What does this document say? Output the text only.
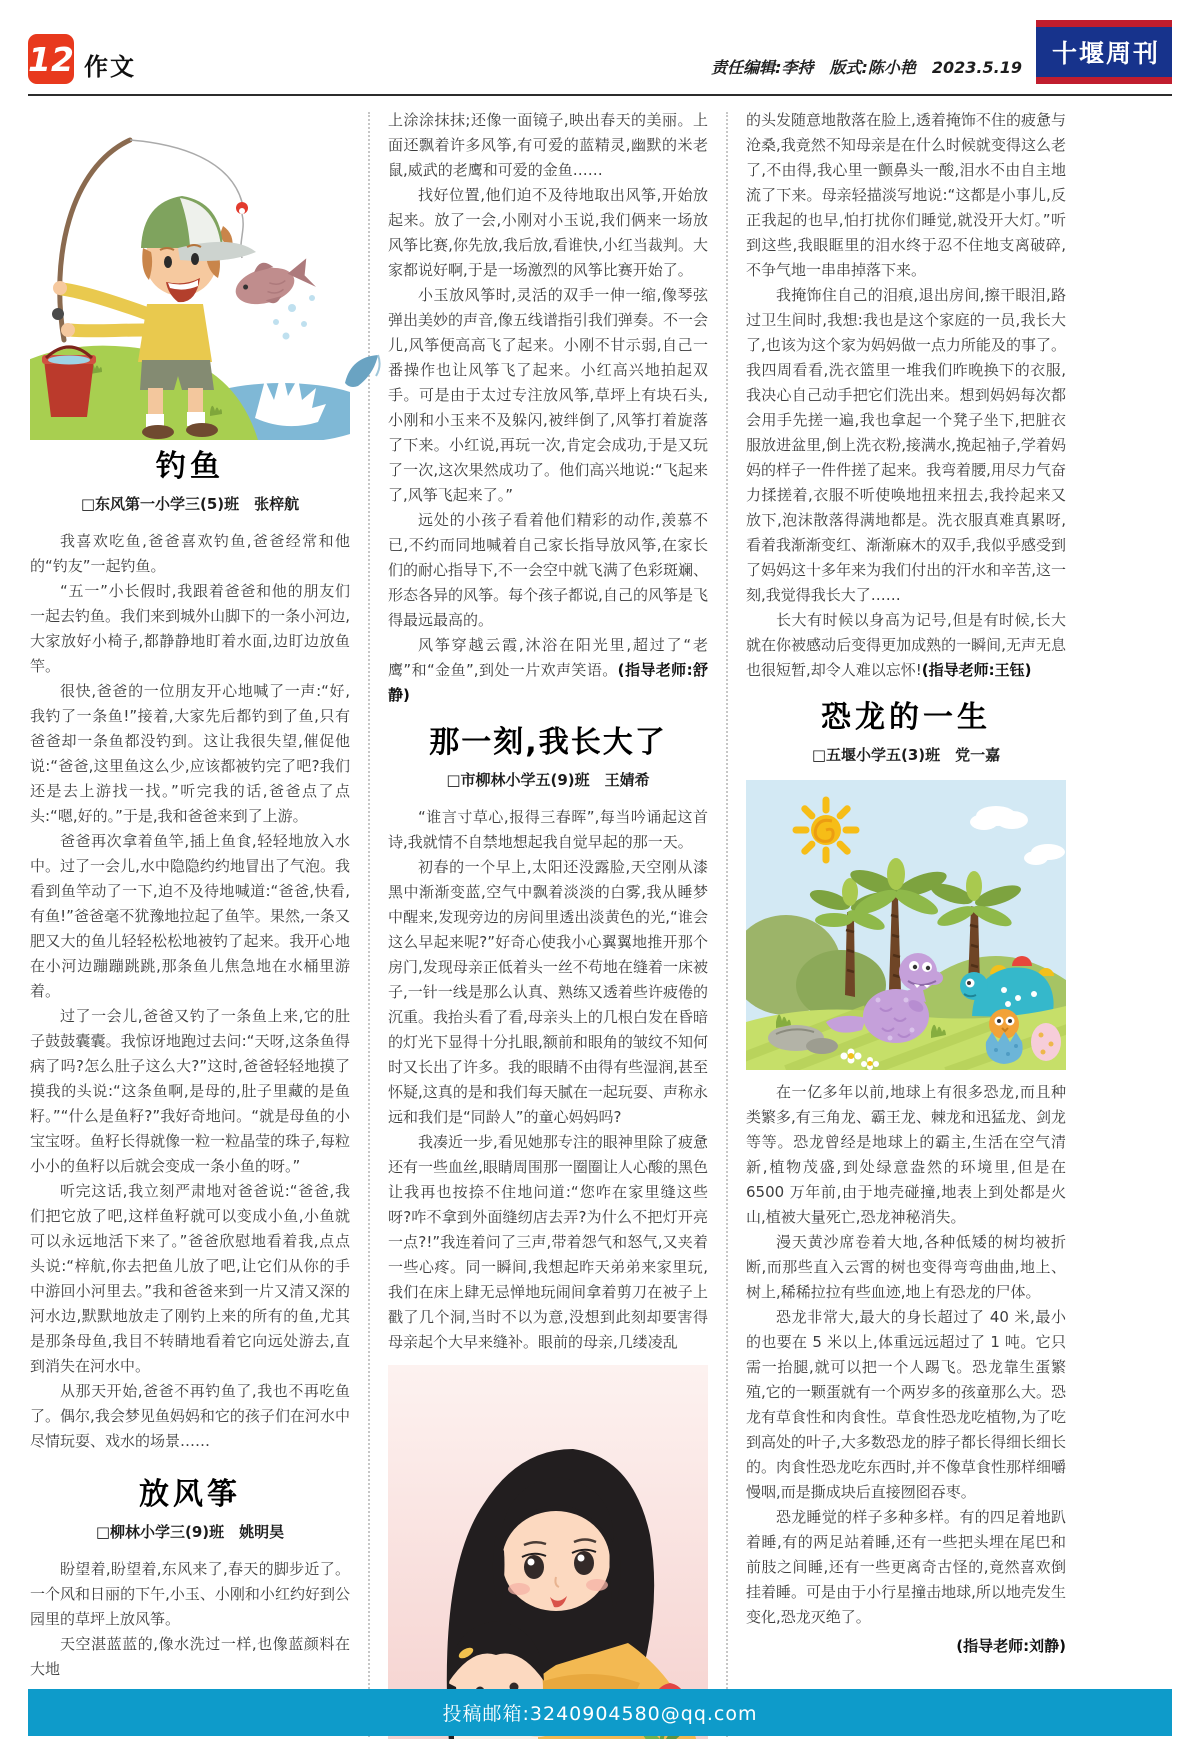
12 作文	责任编辑:李持　版式:陈小艳　2023.5.19	十堰周刊
钓鱼
□东风第一小学三(5)班　张梓航

我喜欢吃鱼,爸爸喜欢钓鱼,爸爸经常和他的“钓友”一起钓鱼。

“五一”小长假时,我跟着爸爸和他的朋友们一起去钓鱼。我们来到城外山脚下的一条小河边,大家放好小椅子,都静静地盯着水面,边盯边放鱼竿。

很快,爸爸的一位朋友开心地喊了一声:“好,我钓了一条鱼!”接着,大家先后都钓到了鱼,只有爸爸却一条鱼都没钓到。这让我很失望,催促他说:“爸爸,这里鱼这么少,应该都被钓完了吧?我们还是去上游找一找。”听完我的话,爸爸点了点头:“嗯,好的。”于是,我和爸爸来到了上游。

爸爸再次拿着鱼竿,插上鱼食,轻轻地放入水中。过了一会儿,水中隐隐约约地冒出了气泡。我看到鱼竿动了一下,迫不及待地喊道:“爸爸,快看,有鱼!”爸爸毫不犹豫地拉起了鱼竿。果然,一条又肥又大的鱼儿轻轻松松地被钓了起来。我开心地在小河边蹦蹦跳跳,那条鱼儿焦急地在水桶里游着。

过了一会儿,爸爸又钓了一条鱼上来,它的肚子鼓鼓囊囊。我惊讶地跑过去问:“天呀,这条鱼得病了吗?怎么肚子这么大?”这时,爸爸轻轻地摸了摸我的头说:“这条鱼啊,是母的,肚子里藏的是鱼籽。”“什么是鱼籽?”我好奇地问。“就是母鱼的小宝宝呀。鱼籽长得就像一粒一粒晶莹的珠子,每粒小小的鱼籽以后就会变成一条小鱼的呀。”

听完这话,我立刻严肃地对爸爸说:“爸爸,我们把它放了吧,这样鱼籽就可以变成小鱼,小鱼就可以永远地活下来了。”爸爸欣慰地看着我,点点头说:“梓航,你去把鱼儿放了吧,让它们从你的手中游回小河里去。”我和爸爸来到一片又清又深的河水边,默默地放走了刚钓上来的所有的鱼,尤其是那条母鱼,我目不转睛地看着它向远处游去,直到消失在河水中。

从那天开始,爸爸不再钓鱼了,我也不再吃鱼了。偶尔,我会梦见鱼妈妈和它的孩子们在河水中尽情玩耍、戏水的场景……

放风筝
□柳林小学三(9)班　姚明昊

盼望着,盼望着,东风来了,春天的脚步近了。一个风和日丽的下午,小玉、小刚和小红约好到公园里的草坪上放风筝。

天空湛蓝蓝的,像水洗过一样,也像蓝颜料在大地

上涂涂抹抹;还像一面镜子,映出春天的美丽。上面还飘着许多风筝,有可爱的蓝精灵,幽默的米老鼠,威武的老鹰和可爱的金鱼……

找好位置,他们迫不及待地取出风筝,开始放起来。放了一会,小刚对小玉说,我们俩来一场放风筝比赛,你先放,我后放,看谁快,小红当裁判。大家都说好啊,于是一场激烈的风筝比赛开始了。

小玉放风筝时,灵活的双手一伸一缩,像琴弦弹出美妙的声音,像五线谱指引我们弹奏。不一会儿,风筝便高高飞了起来。小刚不甘示弱,自己一番操作也让风筝飞了起来。小红高兴地拍起双手。可是由于太过专注放风筝,草坪上有块石头,小刚和小玉来不及躲闪,被绊倒了,风筝打着旋落了下来。小红说,再玩一次,肯定会成功,于是又玩了一次,这次果然成功了。他们高兴地说:“飞起来了,风筝飞起来了。”

远处的小孩子看着他们精彩的动作,羡慕不已,不约而同地喊着自己家长指导放风筝,在家长们的耐心指导下,不一会空中就飞满了色彩斑斓、形态各异的风筝。每个孩子都说,自己的风筝是飞得最远最高的。

风筝穿越云霞,沐浴在阳光里,超过了“老鹰”和“金鱼”,到处一片欢声笑语。(指导老师:舒静)

那一刻,我长大了
□市柳林小学五(9)班　王婧希

“谁言寸草心,报得三春晖”,每当吟诵起这首诗,我就情不自禁地想起我自觉早起的那一天。

初春的一个早上,太阳还没露脸,天空刚从漆黑中渐渐变蓝,空气中飘着淡淡的白雾,我从睡梦中醒来,发现旁边的房间里透出淡黄色的光,“谁会这么早起来呢?”好奇心使我小心翼翼地推开那个房门,发现母亲正低着头一丝不苟地在缝着一床被子,一针一线是那么认真、熟练又透着些许疲倦的沉重。我抬头看了看,母亲头上的几根白发在昏暗的灯光下显得十分扎眼,额前和眼角的皱纹不知何时又长出了许多。我的眼睛不由得有些湿润,甚至怀疑,这真的是和我们每天腻在一起玩耍、声称永远和我们是“同龄人”的童心妈妈吗?

我凑近一步,看见她那专注的眼神里除了疲惫还有一些血丝,眼睛周围那一圈圈让人心酸的黑色让我再也按捺不住地问道:“您咋在家里缝这些呀?咋不拿到外面缝纫店去弄?为什么不把灯开亮一点?!”我连着问了三声,带着怨气和怒气,又夹着一些心疼。同一瞬间,我想起昨天弟弟来家里玩,我们在床上肆无忌惮地玩闹间拿着剪刀在被子上戳了几个洞,当时不以为意,没想到此刻却要害得母亲起个大早来缝补。眼前的母亲,几缕凌乱

的头发随意地散落在脸上,透着掩饰不住的疲惫与沧桑,我竟然不知母亲是在什么时候就变得这么老了,不由得,我心里一颤鼻头一酸,泪水不由自主地流了下来。母亲轻描淡写地说:“这都是小事儿,反正我起的也早,怕打扰你们睡觉,就没开大灯。”听到这些,我眼眶里的泪水终于忍不住地支离破碎,不争气地一串串掉落下来。

我掩饰住自己的泪痕,退出房间,擦干眼泪,路过卫生间时,我想:我也是这个家庭的一员,我长大了,也该为这个家为妈妈做一点力所能及的事了。我四周看看,洗衣篮里一堆我们昨晚换下的衣服,我决心自己动手把它们洗出来。想到妈妈每次都会用手先搓一遍,我也拿起一个凳子坐下,把脏衣服放进盆里,倒上洗衣粉,接满水,挽起袖子,学着妈妈的样子一件件搓了起来。我弯着腰,用尽力气奋力揉搓着,衣服不听使唤地扭来扭去,我拎起来又放下,泡沫散落得满地都是。洗衣服真难真累呀,看着我渐渐变红、渐渐麻木的双手,我似乎感受到了妈妈这十多年来为我们付出的汗水和辛苦,这一刻,我觉得我长大了……

长大有时候以身高为记号,但是有时候,长大就在你被感动后变得更加成熟的一瞬间,无声无息也很短暂,却令人难以忘怀!(指导老师:王钰)

恐龙的一生
□五堰小学五(3)班　党一嘉

在一亿多年以前,地球上有很多恐龙,而且种类繁多,有三角龙、霸王龙、棘龙和迅猛龙、剑龙等等。恐龙曾经是地球上的霸主,生活在空气清新,植物茂盛,到处绿意盎然的环境里,但是在 6500 万年前,由于地壳碰撞,地表上到处都是火山,植被大量死亡,恐龙神秘消失。

漫天黄沙席卷着大地,各种低矮的树均被折断,而那些直入云霄的树也变得弯弯曲曲,地上、树上,稀稀拉拉有些血迹,地上有恐龙的尸体。

恐龙非常大,最大的身长超过了 40 米,最小的也要在 5 米以上,体重远远超过了 1 吨。它只需一抬腿,就可以把一个人踢飞。恐龙靠生蛋繁殖,它的一颗蛋就有一个两岁多的孩童那么大。恐龙有草食性和肉食性。草食性恐龙吃植物,为了吃到高处的叶子,大多数恐龙的脖子都长得细长细长的。肉食性恐龙吃东西时,并不像草食性那样细嚼慢咽,而是撕成块后直接囫囵吞枣。

恐龙睡觉的样子多种多样。有的四足着地趴着睡,有的两足站着睡,还有一些把头埋在尾巴和前肢之间睡,还有一些更离奇古怪的,竟然喜欢倒挂着睡。可是由于小行星撞击地球,所以地壳发生变化,恐龙灭绝了。

(指导老师:刘静)

投稿邮箱:3240904580@qq.com
